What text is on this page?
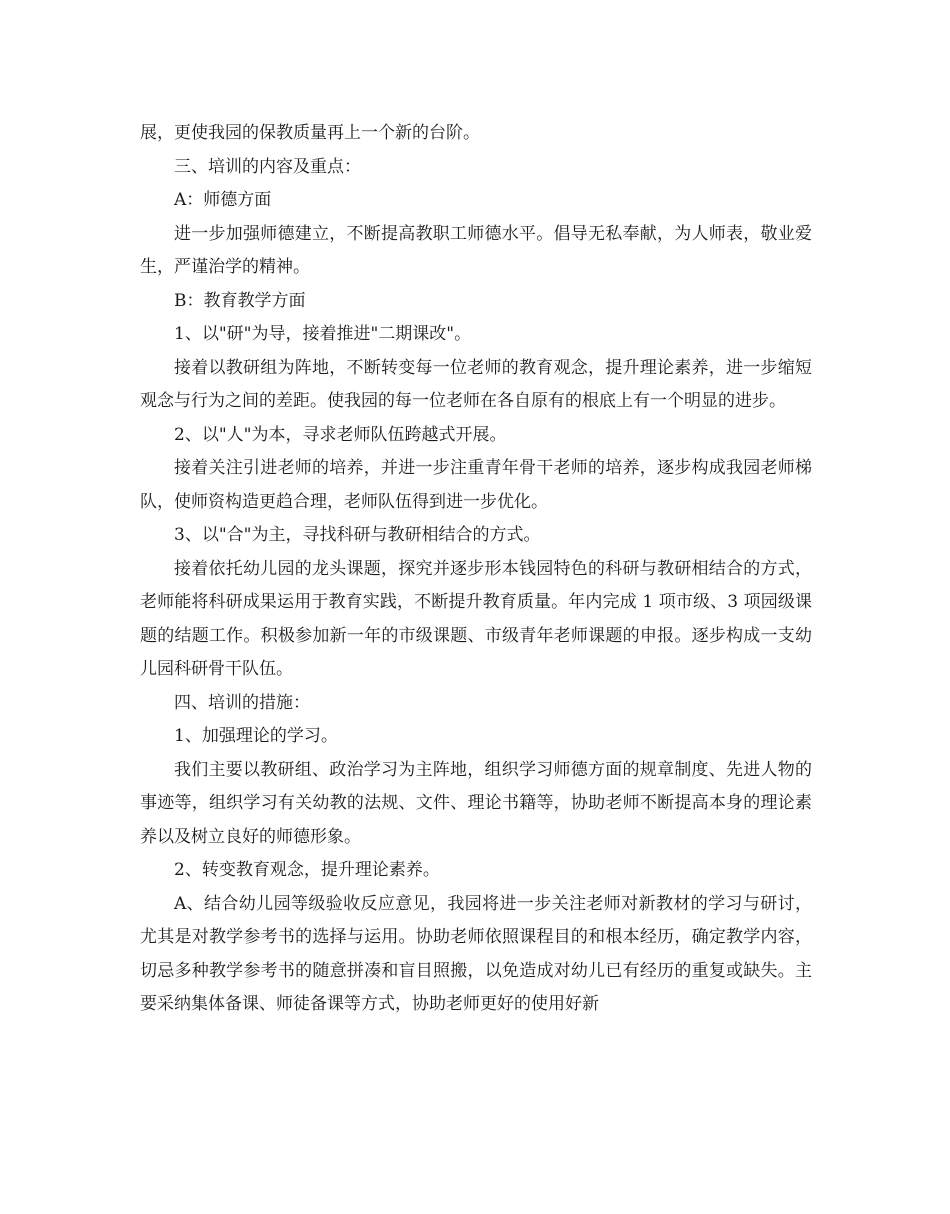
展，更使我园的保教质量再上一个新的台阶。

三、培训的内容及重点：

A：师德方面

进一步加强师德建立，不断提高教职工师德水平。倡导无私奉献，为人师表，敬业爱生，严谨治学的精神。

B：教育教学方面

1、以"研"为导，接着推进"二期课改"。

接着以教研组为阵地，不断转变每一位老师的教育观念，提升理论素养，进一步缩短观念与行为之间的差距。使我园的每一位老师在各自原有的根底上有一个明显的进步。

2、以"人"为本，寻求老师队伍跨越式开展。

接着关注引进老师的培养，并进一步注重青年骨干老师的培养，逐步构成我园老师梯队，使师资构造更趋合理，老师队伍得到进一步优化。

3、以"合"为主，寻找科研与教研相结合的方式。

接着依托幼儿园的龙头课题，探究并逐步形本钱园特色的科研与教研相结合的方式，老师能将科研成果运用于教育实践，不断提升教育质量。年内完成 1 项市级、3 项园级课题的结题工作。积极参加新一年的市级课题、市级青年老师课题的申报。逐步构成一支幼儿园科研骨干队伍。

四、培训的措施：

1、加强理论的学习。

我们主要以教研组、政治学习为主阵地，组织学习师德方面的规章制度、先进人物的事迹等，组织学习有关幼教的法规、文件、理论书籍等，协助老师不断提高本身的理论素养以及树立良好的师德形象。

2、转变教育观念，提升理论素养。

A、结合幼儿园等级验收反应意见，我园将进一步关注老师对新教材的学习与研讨，尤其是对教学参考书的选择与运用。协助老师依照课程目的和根本经历，确定教学内容，切忌多种教学参考书的随意拼凑和盲目照搬，以免造成对幼儿已有经历的重复或缺失。主要采纳集体备课、师徒备课等方式，协助老师更好的使用好新
